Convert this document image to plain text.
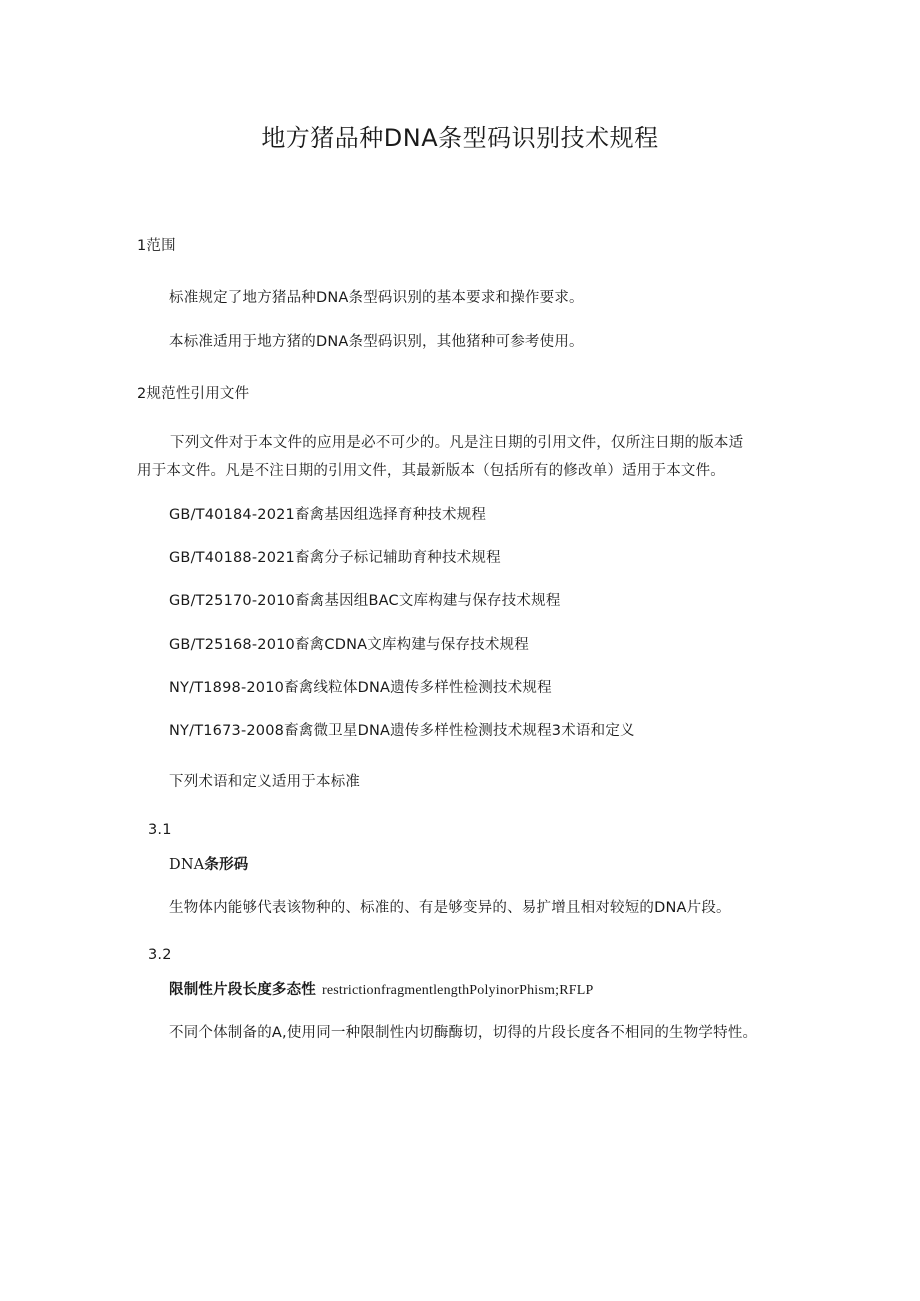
地方猪品种DNA条型码识别技术规程
1范围
标准规定了地方猪品种DNA条型码识别的基本要求和操作要求。
本标准适用于地方猪的DNA条型码识别，其他猪种可参考使用。
2规范性引用文件
下列文件对于本文件的应用是必不可少的。凡是注日期的引用文件，仅所注日期的版本适
用于本文件。凡是不注日期的引用文件，其最新版本（包括所有的修改单）适用于本文件。
GB/T40184-2021畜禽基因组选择育种技术规程
GB/T40188-2021畜禽分子标记辅助育种技术规程
GB/T25170-2010畜禽基因组BAC文库构建与保存技术规程
GB/T25168-2010畜禽CDNA文库构建与保存技术规程
NY/T1898-2010畜禽线粒体DNA遗传多样性检测技术规程
NY/T1673-2008畜禽微卫星DNA遗传多样性检测技术规程3术语和定义
下列术语和定义适用于本标准
3.1
DNA条形码
生物体内能够代表该物种的、标准的、有是够变异的、易扩增且相对较短的DNA片段。
3.2
限制性片段长度多态性 restrictionfragmentlengthPolyinorPhism;RFLP
不同个体制备的A,使用同一种限制性内切酶酶切，切得的片段长度各不相同的生物学特性。
